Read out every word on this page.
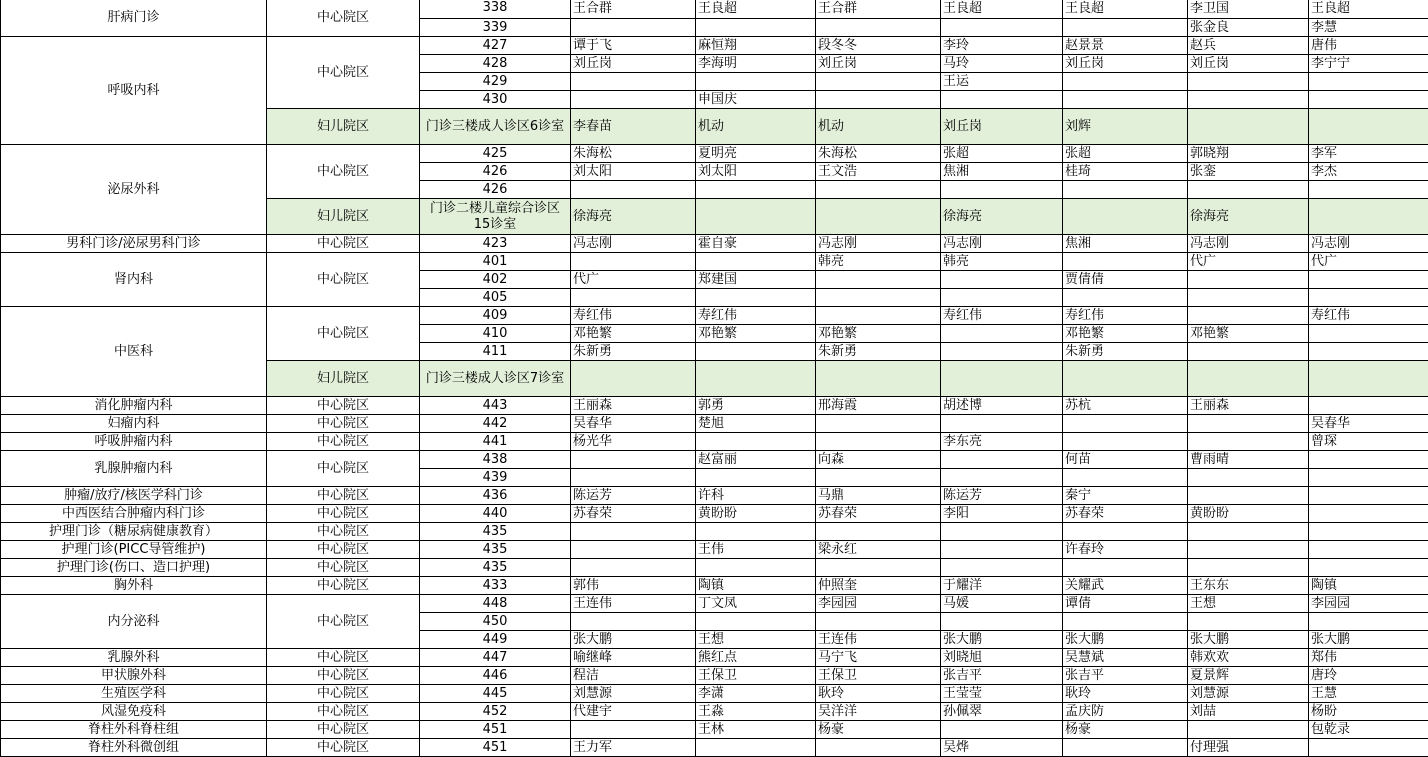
肝病门诊	中心院区	338	王合群	王良超	王合群	王良超	王良超	李卫国	王良超
		339						张金良	李慧
呼吸内科	中心院区	427	谭于飞	麻恒翔	段冬冬	李玲	赵景景	赵兵	唐伟
		428	刘丘岗	李海明	刘丘岗	马玲	刘丘岗	刘丘岗	李宁宁
		429				王运			
		430		申国庆					
	妇儿院区	门诊三楼成人诊区6诊室	李春苗	机动	机动	刘丘岗	刘辉		
泌尿外科	中心院区	425	朱海松	夏明亮	朱海松	张超	张超	郭晓翔	李军
		426	刘太阳	刘太阳	王文浩	焦湘	桂琦	张銮	李杰
		426							
	妇儿院区	门诊二楼儿童综合诊区15诊室	徐海亮			徐海亮		徐海亮	
男科门诊/泌尿男科门诊	中心院区	423	冯志刚	霍自豪	冯志刚	冯志刚	焦湘	冯志刚	冯志刚
肾内科	中心院区	401			韩亮	韩亮		代广	代广
		402	代广	郑建国			贾倩倩		
		405							
中医科	中心院区	409	寿红伟	寿红伟		寿红伟	寿红伟		寿红伟
		410	邓艳繁	邓艳繁	邓艳繁		邓艳繁	邓艳繁	
		411	朱新勇		朱新勇		朱新勇		
	妇儿院区	门诊三楼成人诊区7诊室							
消化肿瘤内科	中心院区	443	王丽森	郭勇	邢海霞	胡述博	苏杭	王丽森	
妇瘤内科	中心院区	442	吴春华	楚旭					吴春华
呼吸肿瘤内科	中心院区	441	杨光华			李东亮			曾琛
乳腺肿瘤内科	中心院区	438		赵富丽	向森		何苗	曹雨晴	
		439							
肿瘤/放疗/核医学科门诊	中心院区	436	陈运芳	许科	马鼎	陈运芳	秦宁		
中西医结合肿瘤内科门诊	中心院区	440	苏春荣	黄盼盼	苏春荣	李阳	苏春荣	黄盼盼	
护理门诊（糖尿病健康教育）	中心院区	435							
护理门诊(PICC导管维护)	中心院区	435		王伟	梁永红		许春玲		
护理门诊(伤口、造口护理)	中心院区	435							
胸外科	中心院区	433	郭伟	陶镇	仲照奎	于耀洋	关耀武	王东东	陶镇
内分泌科	中心院区	448	王连伟	丁文凤	李园园	马媛	谭倩	王想	李园园
		450							
		449	张大鹏	王想	王连伟	张大鹏	张大鹏	张大鹏	张大鹏
乳腺外科	中心院区	447	喻继峰	熊红点	马宁飞	刘晓旭	吴慧斌	韩欢欢	郑伟
甲状腺外科	中心院区	446	程洁	王保卫	王保卫	张吉平	张吉平	夏景辉	唐玲
生殖医学科	中心院区	445	刘慧源	李潇	耿玲	王莹莹	耿玲	刘慧源	王慧
风湿免疫科	中心院区	452	代建宇	王淼	吴洋洋	孙佩翠	孟庆防	刘喆	杨盼
脊柱外科脊柱组	中心院区	451		王林	杨豪		杨豪		包乾录
脊柱外科微创组	中心院区	451	王力军			吴烨		付理强	
